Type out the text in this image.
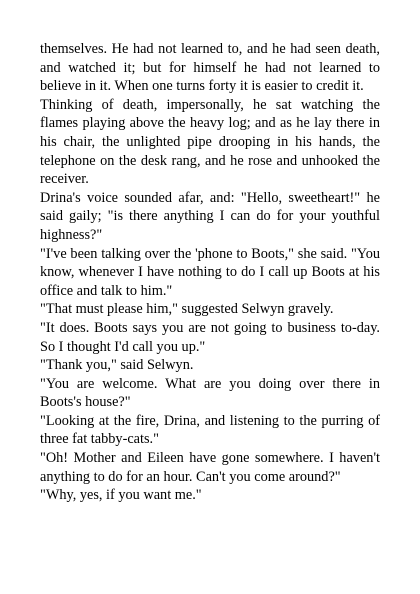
themselves. He had not learned to, and he had seen death, and watched it; but for himself he had not learned to believe in it. When one turns forty it is easier to credit it.

Thinking of death, impersonally, he sat watching the flames playing above the heavy log; and as he lay there in his chair, the unlighted pipe drooping in his hands, the telephone on the desk rang, and he rose and unhooked the receiver.

Drina's voice sounded afar, and: "Hello, sweetheart!" he said gaily; "is there anything I can do for your youthful highness?"

"I've been talking over the 'phone to Boots," she said. "You know, whenever I have nothing to do I call up Boots at his office and talk to him."

"That must please him," suggested Selwyn gravely.

"It does. Boots says you are not going to business to-day. So I thought I'd call you up."

"Thank you," said Selwyn.

"You are welcome. What are you doing over there in Boots's house?"

"Looking at the fire, Drina, and listening to the purring of three fat tabby-cats."

"Oh! Mother and Eileen have gone somewhere. I haven't anything to do for an hour. Can't you come around?"

"Why, yes, if you want me."
